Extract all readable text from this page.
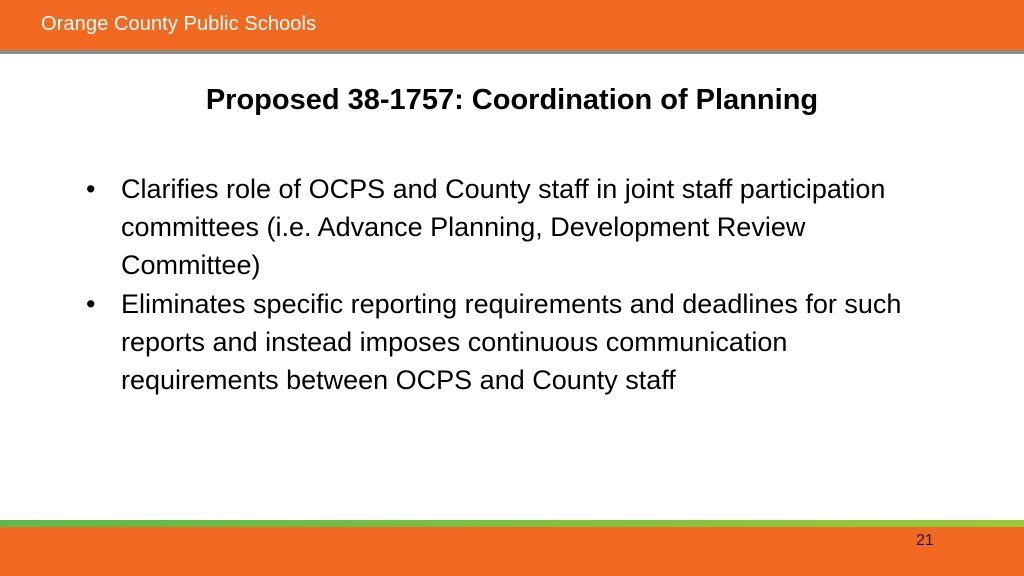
Orange County Public Schools
Proposed 38-1757: Coordination of Planning
• Clarifies role of OCPS and County staff in joint staff participation committees (i.e. Advance Planning, Development Review Committee)
• Eliminates specific reporting requirements and deadlines for such reports and instead imposes continuous communication requirements between OCPS and County staff
21
